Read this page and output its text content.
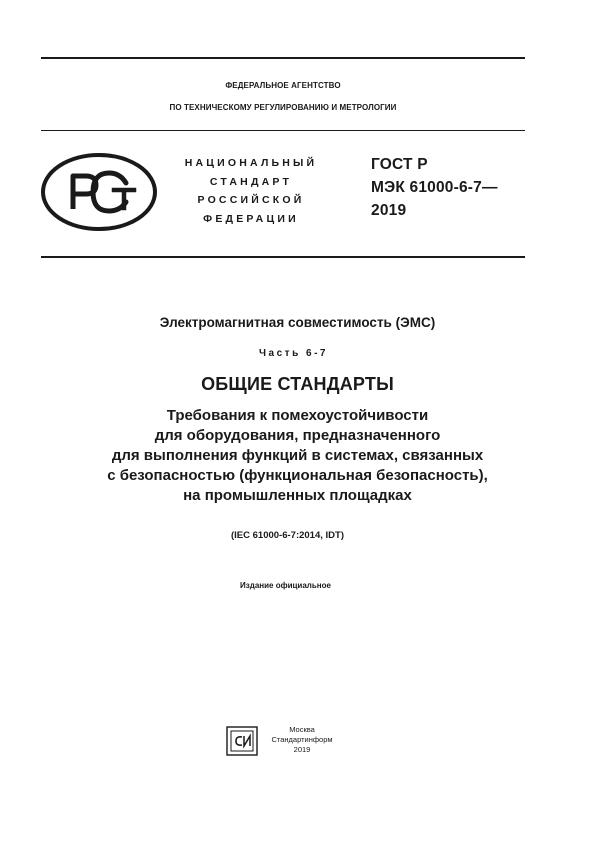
ФЕДЕРАЛЬНОЕ АГЕНТСТВО
ПО ТЕХНИЧЕСКОМУ РЕГУЛИРОВАНИЮ И МЕТРОЛОГИИ
РСТ
НАЦИОНАЛЬНЫЙ
СТАНДАРТ
РОССИЙСКОЙ
ФЕДЕРАЦИИ
ГОСТ Р
МЭК 61000-6-7—
2019
Электромагнитная совместимость (ЭМС)
Часть 6-7
ОБЩИЕ СТАНДАРТЫ
Требования к помехоустойчивости
для оборудования, предназначенного
для выполнения функций в системах, связанных
с безопасностью (функциональная безопасность),
на промышленных площадках
(IEC 61000-6-7:2014, IDT)
Издание официальное
СИ
Москва
Стандартинформ
2019
